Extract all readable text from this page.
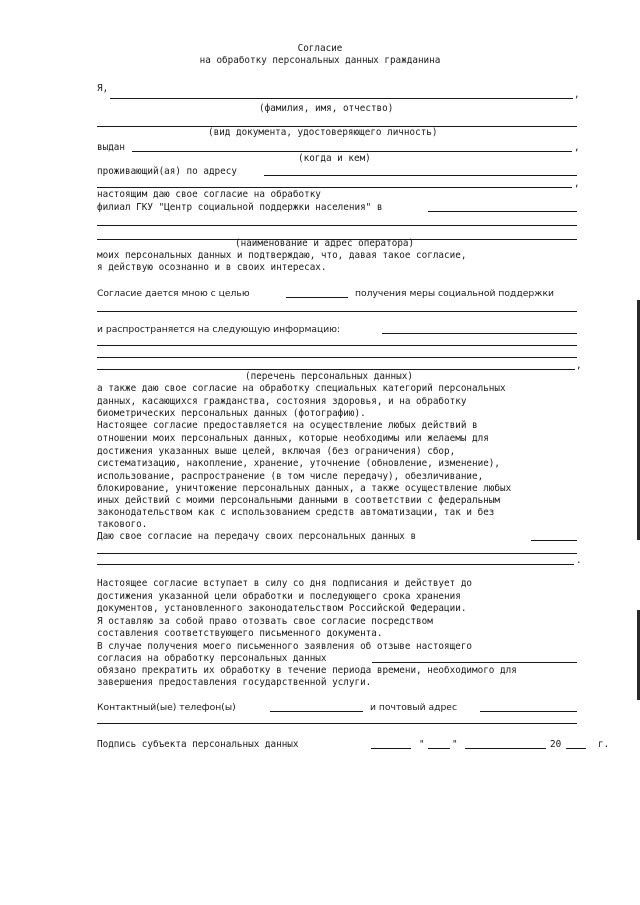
Согласие
на обработку персональных данных гражданина
Я,
,
(фамилия, имя, отчество)
(вид документа, удостоверяющего личность)
выдан	,
(когда и кем)
проживающий(ая) по адресу
,
настоящим даю свое согласие на обработку
филиал ГКУ "Центр социальной поддержки населения" в
(наименование и адрес оператора)
моих персональных данных и подтверждаю, что, давая такое согласие,
я действую осознанно и в своих интересах.
Согласие дается мною с целью	получения меры социальной поддержки
и распространяется на следующую информацию:
,
(перечень персональных данных)
а также даю свое согласие на обработку специальных категорий персональных
данных, касающихся гражданства, состояния здоровья, и на обработку
биометрических персональных данных (фотографию).
Настоящее согласие предоставляется на осуществление любых действий в
отношении моих персональных данных, которые необходимы или желаемы для
достижения указанных выше целей, включая (без ограничения) сбор,
систематизацию, накопление, хранение, уточнение (обновление, изменение),
использование, распространение (в том числе передачу), обезличивание,
блокирование, уничтожение персональных данных, а также осуществление любых
иных действий с моими персональными данными в соответствии с федеральным
законодательством как с использованием средств автоматизации, так и без
такового.
Даю свое согласие на передачу своих персональных данных в
.
Настоящее согласие вступает в силу со дня подписания и действует до
достижения указанной цели обработки и последующего срока хранения
документов, установленного законодательством Российской Федерации.
Я оставляю за собой право отозвать свое согласие посредством
составления соответствующего письменного документа.
В случае получения моего письменного заявления об отзыве настоящего
согласия на обработку персональных данных
обязано прекратить их обработку в течение периода времени, необходимого для
завершения предоставления государственной услуги.
Контактный(ые) телефон(ы)	и почтовый адрес
Подпись субъекта персональных данных	"	"	20	г.
